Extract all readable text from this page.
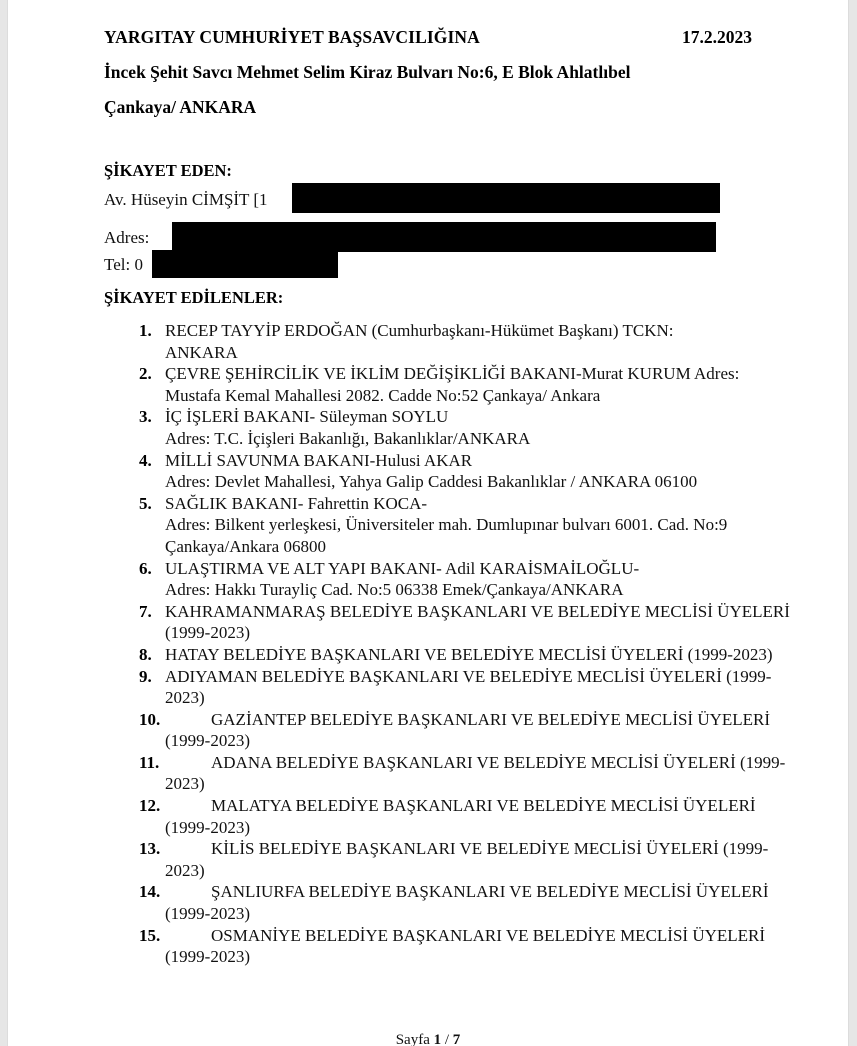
YARGITAY CUMHURİYET BAŞSAVCILIĞINA	17.2.2023
İncek Şehit Savcı Mehmet Selim Kiraz Bulvarı No:6, E Blok Ahlatlıbel
Çankaya/ ANKARA
ŞİKAYET EDEN:
Av. Hüseyin CİMŞİT [1
Adres:
Tel: 0
ŞİKAYET EDİLENLER:
1. RECEP TAYYİP ERDOĞAN (Cumhurbaşkanı-Hükümet Başkanı) TCKN:
ANKARA
2. ÇEVRE ŞEHİRCİLİK VE İKLİM DEĞİŞİKLİĞİ BAKANI-Murat KURUM Adres:
Mustafa Kemal Mahallesi 2082. Cadde No:52 Çankaya/ Ankara
3. İÇ İŞLERİ BAKANI- Süleyman SOYLU
Adres: T.C. İçişleri Bakanlığı, Bakanlıklar/ANKARA
4. MİLLİ SAVUNMA BAKANI-Hulusi AKAR
Adres: Devlet Mahallesi, Yahya Galip Caddesi Bakanlıklar / ANKARA 06100
5. SAĞLIK BAKANI- Fahrettin KOCA-
Adres: Bilkent yerleşkesi, Üniversiteler mah. Dumlupınar bulvarı 6001. Cad. No:9 Çankaya/Ankara 06800
6. ULAŞTIRMA VE ALT YAPI BAKANI- Adil KARAİSMAİLOĞLU-
Adres: Hakkı Turayliç Cad. No:5 06338 Emek/Çankaya/ANKARA
7. KAHRAMANMARAŞ BELEDİYE BAŞKANLARI VE BELEDİYE MECLİSİ ÜYELERİ (1999-2023)
8. HATAY BELEDİYE BAŞKANLARI VE BELEDİYE MECLİSİ ÜYELERİ (1999-2023)
9. ADIYAMAN BELEDİYE BAŞKANLARI VE BELEDİYE MECLİSİ ÜYELERİ (1999-2023)
10.	GAZİANTEP BELEDİYE BAŞKANLARI VE BELEDİYE MECLİSİ ÜYELERİ (1999-2023)
11.	ADANA BELEDİYE BAŞKANLARI VE BELEDİYE MECLİSİ ÜYELERİ (1999-2023)
12.	MALATYA BELEDİYE BAŞKANLARI VE BELEDİYE MECLİSİ ÜYELERİ (1999-2023)
13.	KİLİS BELEDİYE BAŞKANLARI VE BELEDİYE MECLİSİ ÜYELERİ (1999-2023)
14.	ŞANLIURFA BELEDİYE BAŞKANLARI VE BELEDİYE MECLİSİ ÜYELERİ (1999-2023)
15.	OSMANİYE BELEDİYE BAŞKANLARI VE BELEDİYE MECLİSİ ÜYELERİ (1999-2023)
Sayfa 1 / 7
